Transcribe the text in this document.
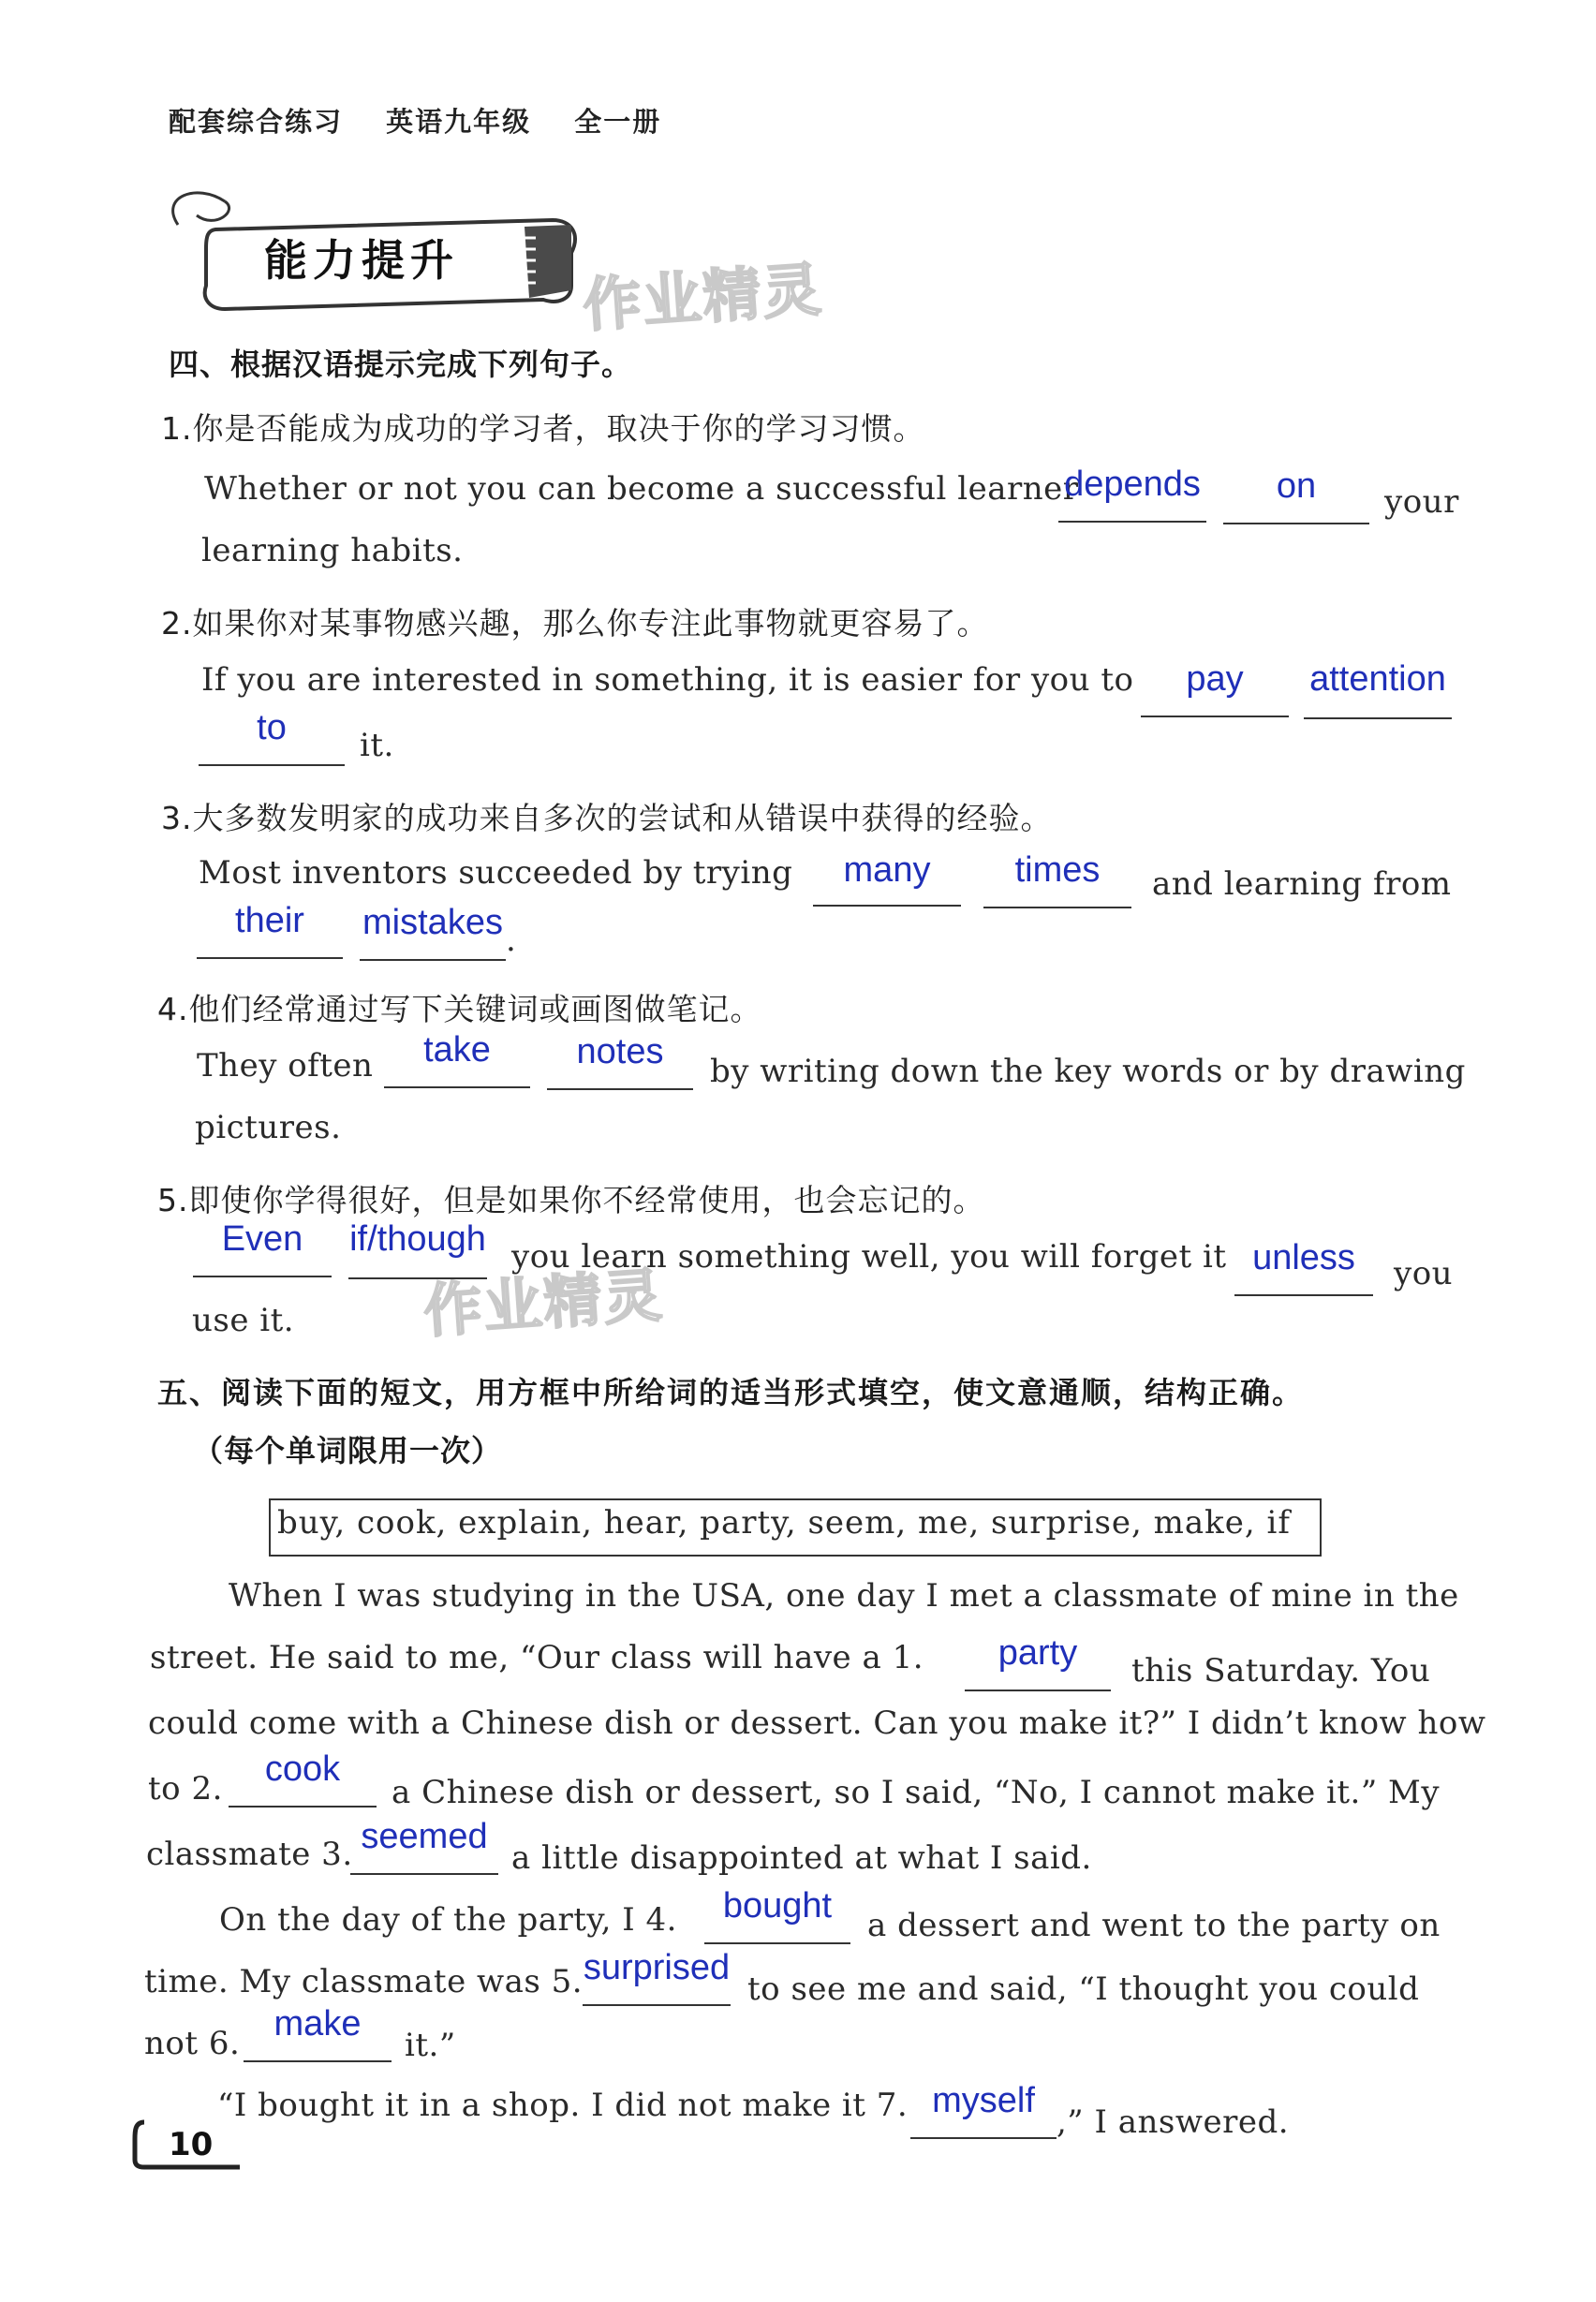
配套综合练习 英语九年级 全一册
能力提升 作业精灵
作业精灵
四、根据汉语提示完成下列句子。
1.你是否能成为成功的学习者，取决于你的学习习惯。
Whether or not you can become a successful learner
depends	on	your
learning habits.
2.如果你对某事物感兴趣，那么你专注此事物就更容易了。
If you are interested in something, it is easier for you to	pay	attention
to	it.
3.大多数发明家的成功来自多次的尝试和从错误中获得的经验。
Most inventors succeeded by trying	many	times	and learning from
their	mistakes .
4.他们经常通过写下关键词或画图做笔记。
They often	take	notes	by writing down the key words or by drawing
pictures.
5.即使你学得很好，但是如果你不经常使用，也会忘记的。
Even	if/though you learn something well, you will forget it unless	you
use it.
五、阅读下面的短文，用方框中所给词的适当形式填空，使文意通顺，结构正确。
（每个单词限用一次）
buy, cook, explain, hear, party, seem, me, surprise, make, if
When I was studying in the USA, one day I met a classmate of mine in the
street. He said to me, “Our class will have a 1.	party	this Saturday. You
could come with a Chinese dish or dessert. Can you make it?” I didn’t know how
to 2.	cook
a Chinese dish or dessert, so I said, “No, I cannot make it.” My
classmate 3. seemed
a little disappointed at what I said.
On the day of the party, I 4.	bought	a dessert and went to the party on
time. My classmate was 5. surprised
to see me and said, “I thought you could
not 6. make
it.”
“I bought it in a shop. I did not make it 7. myself
,” I answered.
10
